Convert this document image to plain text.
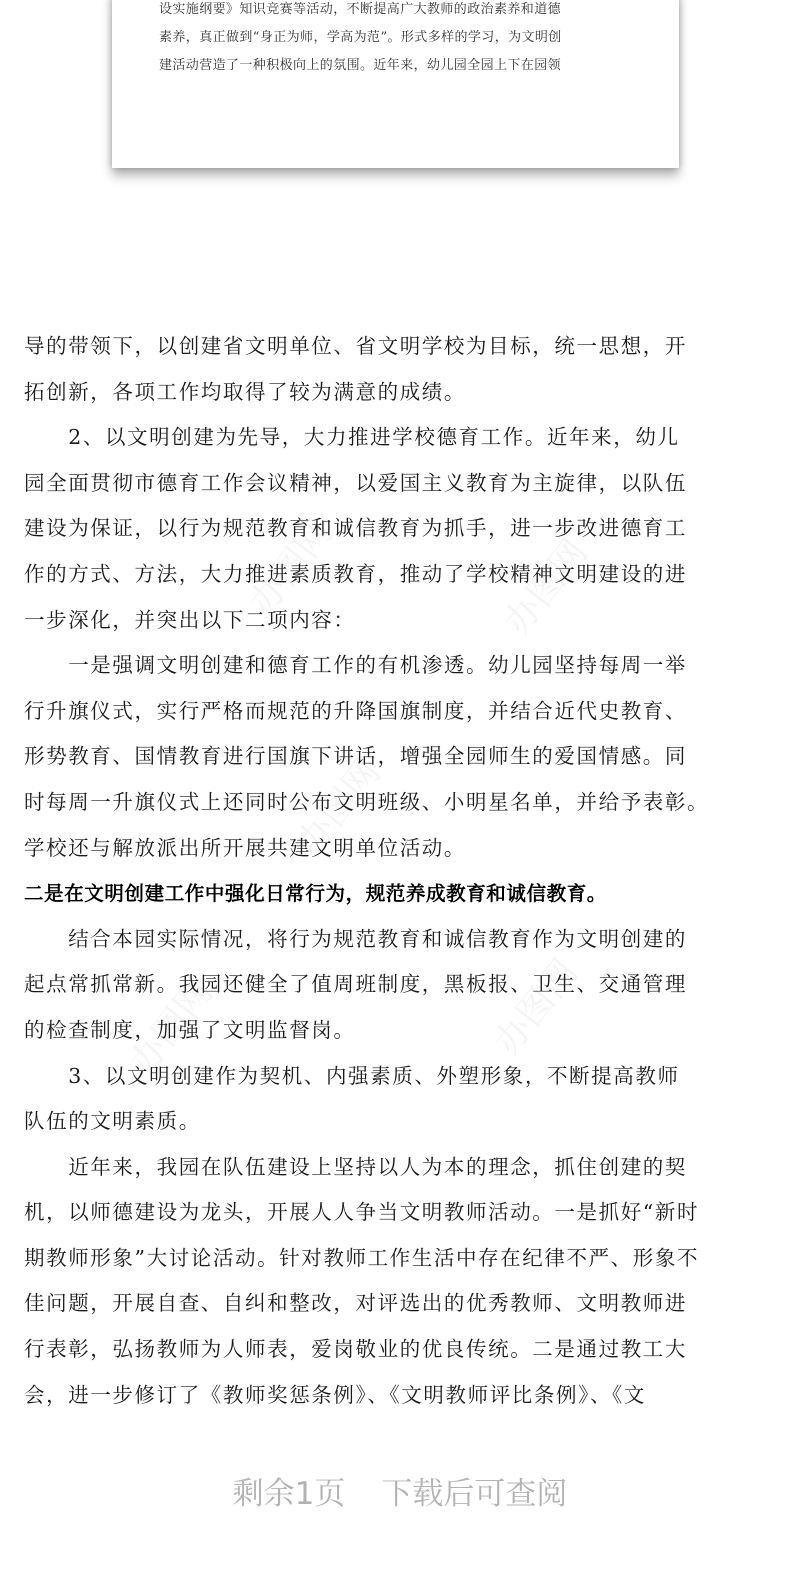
设实施纲要》知识竞赛等活动，不断提高广大教师的政治素养和道德
素养，真正做到“身正为师，学高为范”。形式多样的学习，为文明创
建活动营造了一种积极向上的氛围。近年来，幼儿园全园上下在园领
导的带领下，以创建省文明单位、省文明学校为目标，统一思想，开
拓创新，各项工作均取得了较为满意的成绩。
　　2、以文明创建为先导，大力推进学校德育工作。近年来，幼儿
园全面贯彻市德育工作会议精神，以爱国主义教育为主旋律，以队伍
建设为保证，以行为规范教育和诚信教育为抓手，进一步改进德育工
作的方式、方法，大力推进素质教育，推动了学校精神文明建设的进
一步深化，并突出以下二项内容：
　　一是强调文明创建和德育工作的有机渗透。幼儿园坚持每周一举
行升旗仪式，实行严格而规范的升降国旗制度，并结合近代史教育、
形势教育、国情教育进行国旗下讲话，增强全园师生的爱国情感。同
时每周一升旗仪式上还同时公布文明班级、小明星名单，并给予表彰。
学校还与解放派出所开展共建文明单位活动。
二是在文明创建工作中强化日常行为，规范养成教育和诚信教育。
　　结合本园实际情况，将行为规范教育和诚信教育作为文明创建的
起点常抓常新。我园还健全了值周班制度，黑板报、卫生、交通管理
的检查制度，加强了文明监督岗。
　　3、以文明创建作为契机、内强素质、外塑形象，不断提高教师
队伍的文明素质。
　　近年来，我园在队伍建设上坚持以人为本的理念，抓住创建的契
机，以师德建设为龙头，开展人人争当文明教师活动。一是抓好“新时
期教师形象”大讨论活动。针对教师工作生活中存在纪律不严、形象不
佳问题，开展自查、自纠和整改，对评选出的优秀教师、文明教师进
行表彰，弘扬教师为人师表，爱岗敬业的优良传统。二是通过教工大
会，进一步修订了《教师奖惩条例》、《文明教师评比条例》、《文
剩余1页 下载后可查阅
